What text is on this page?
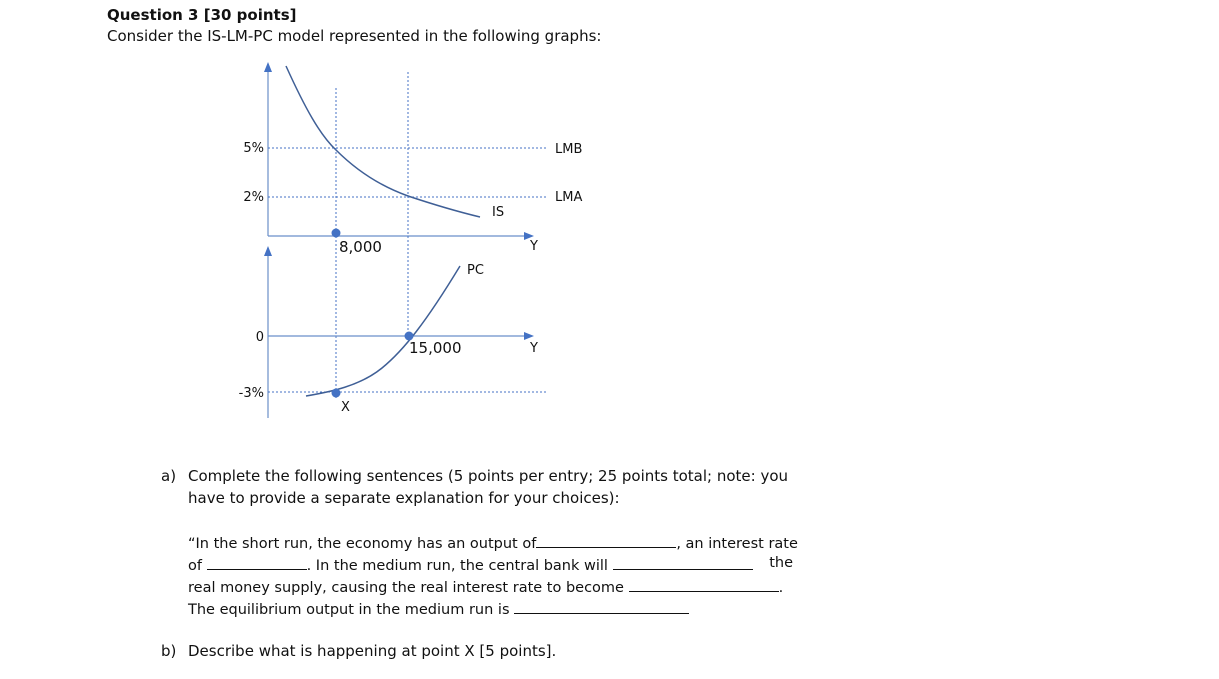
Question 3 [30 points]
Consider the IS-LM-PC model represented in the following graphs:
5%
2%
LMB
LMA
IS
Y
8,000
0
-3%
PC
Y
15,000
X
a) Complete the following sentences (5 points per entry; 25 points total; note: you
have to provide a separate explanation for your choices):
“In the short run, the economy has an output of	, an interest rate
of	. In the medium run, the central bank will	the
real money supply, causing the real interest rate to become	.
The equilibrium output in the medium run is
b) Describe what is happening at point X [5 points].
